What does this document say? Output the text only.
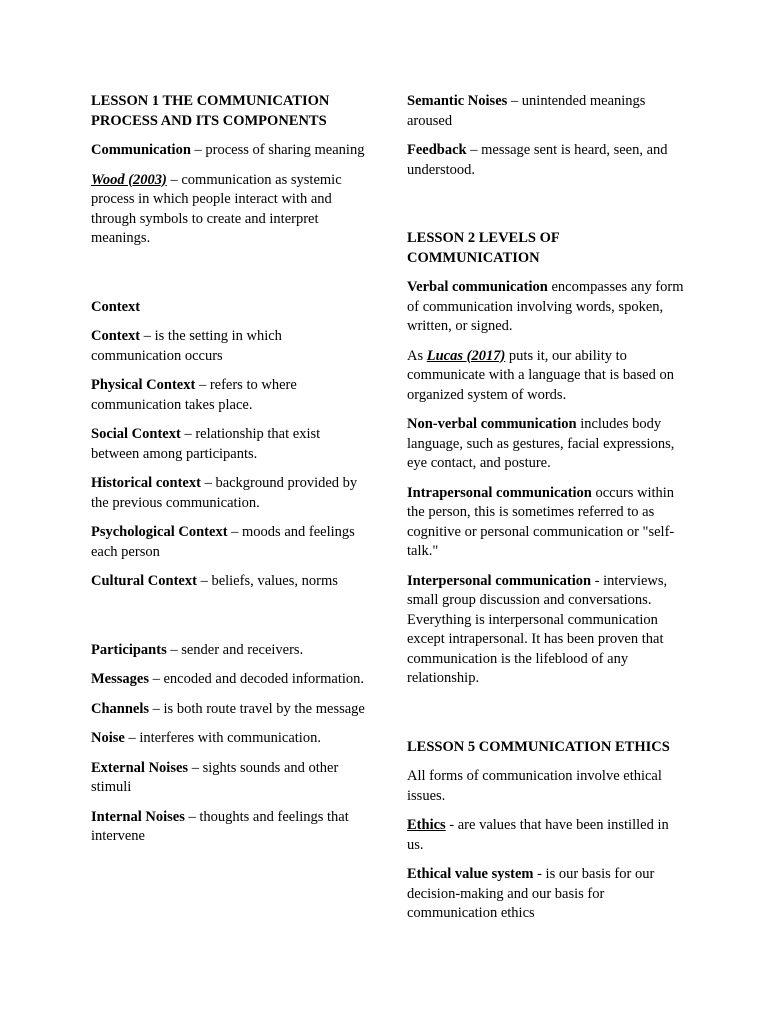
LESSON 1 THE COMMUNICATION PROCESS AND ITS COMPONENTS

Communication – process of sharing meaning

Wood (2003) – communication as systemic process in which people interact with and through symbols to create and interpret meanings.

Context

Context – is the setting in which communication occurs

Physical Context – refers to where communication takes place.

Social Context – relationship that exist between among participants.

Historical context – background provided by the previous communication.

Psychological Context – moods and feelings each person

Cultural Context – beliefs, values, norms

Participants – sender and receivers.

Messages – encoded and decoded information.

Channels – is both route travel by the message

Noise – interferes with communication.

External Noises – sights sounds and other stimuli

Internal Noises – thoughts and feelings that intervene

Semantic Noises – unintended meanings aroused

Feedback – message sent is heard, seen, and understood.

LESSON 2 LEVELS OF COMMUNICATION

Verbal communication encompasses any form of communication involving words, spoken, written, or signed.

As Lucas (2017) puts it, our ability to communicate with a language that is based on organized system of words.

Non-verbal communication includes body language, such as gestures, facial expressions, eye contact, and posture.

Intrapersonal communication occurs within the person, this is sometimes referred to as cognitive or personal communication or "self-talk."

Interpersonal communication - interviews, small group discussion and conversations. Everything is interpersonal communication except intrapersonal. It has been proven that communication is the lifeblood of any relationship.

LESSON 5 COMMUNICATION ETHICS

All forms of communication involve ethical issues.

Ethics - are values that have been instilled in us.

Ethical value system - is our basis for our decision-making and our basis for communication ethics
